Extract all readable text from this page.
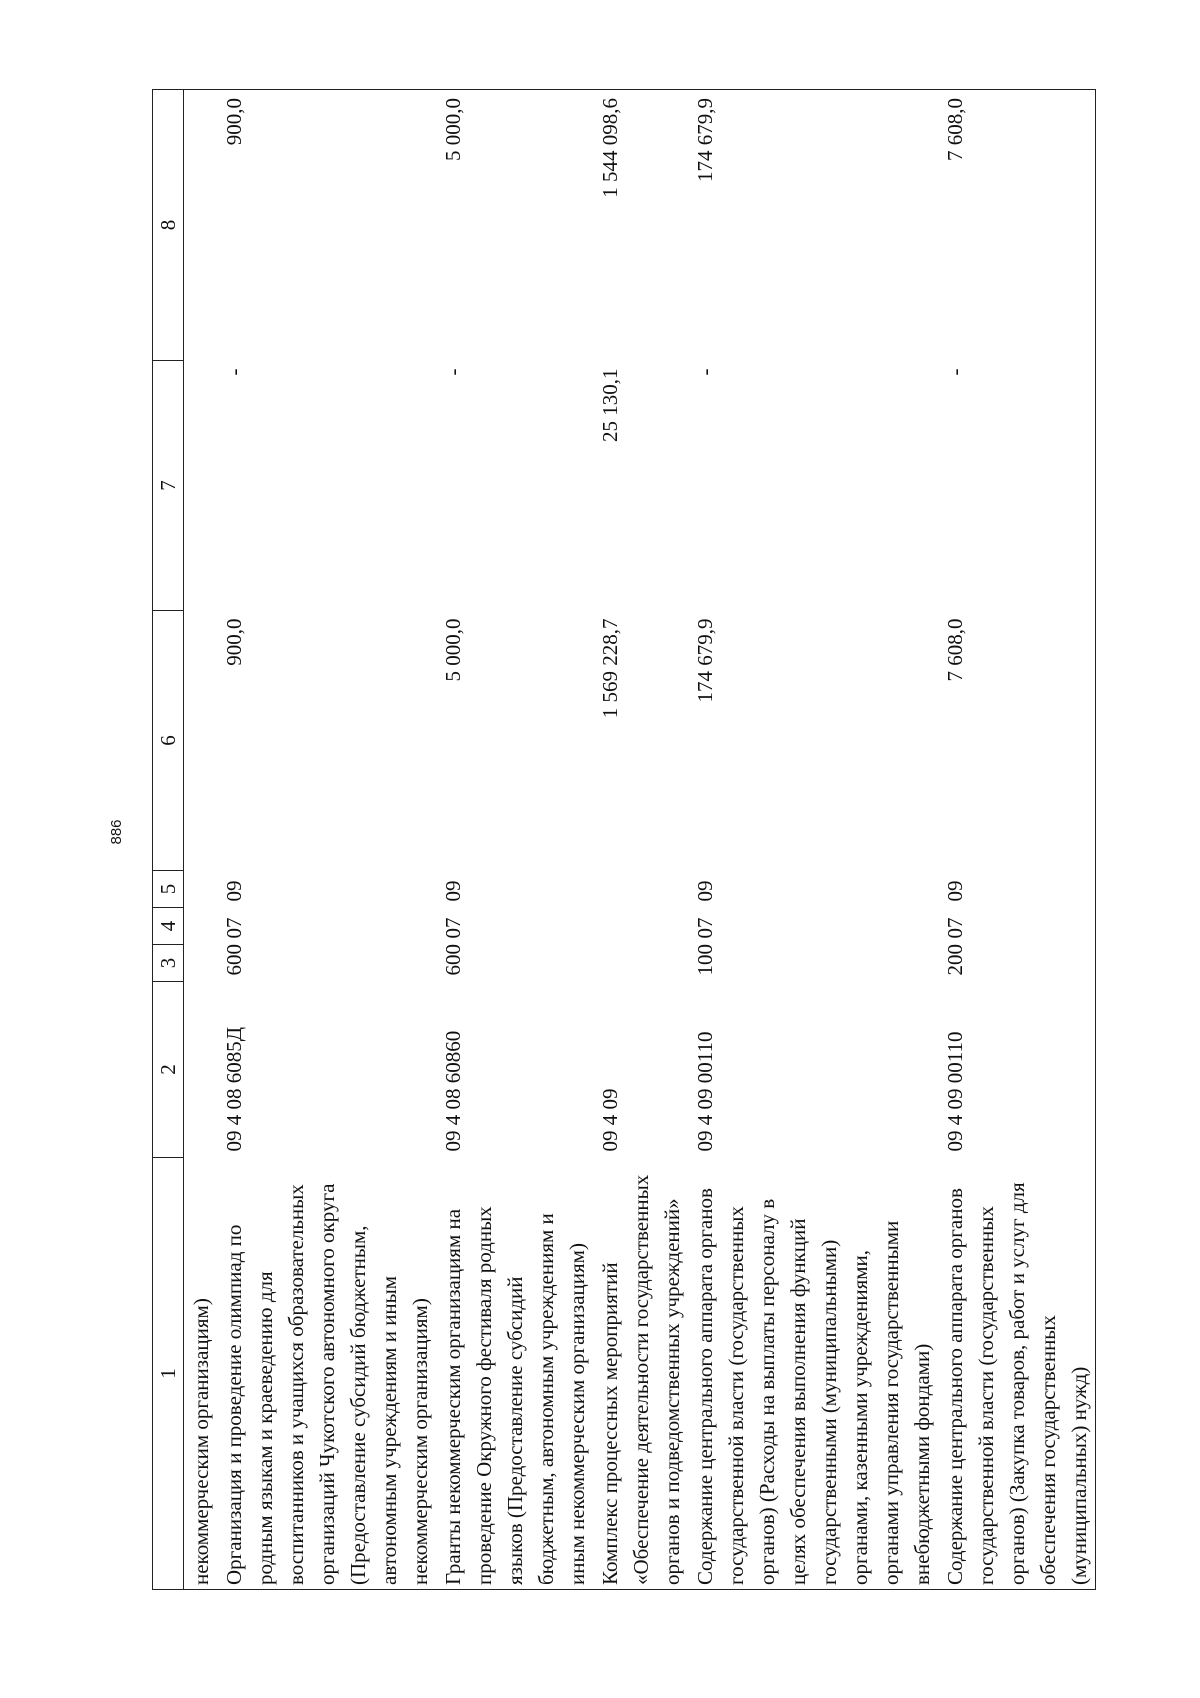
886
1	2	3	4	5	6	7	8
некоммерческим организациям)							
Организация и проведение олимпиад по родным языкам и краеведению для воспитанников и учащихся образовательных организаций Чукотского автономного округа (Предоставление субсидий бюджетным, автономным учреждениям и иным некоммерческим организациям)	09 4 08 6085Д	600	07	09	900,0	-	900,0
Гранты некоммерческим организациям на проведение Окружного фестиваля родных языков (Предоставление субсидий бюджетным, автономным учреждениям и иным некоммерческим организациям)	09 4 08 60860	600	07	09	5 000,0	-	5 000,0
Комплекс процессных мероприятий «Обеспечение деятельности государственных органов и подведомственных учреждений»	09 4 09				1 569 228,7	25 130,1	1 544 098,6
Содержание центрального аппарата органов государственной власти (государственных органов) (Расходы на выплаты персоналу в целях обеспечения выполнения функций государственными (муниципальными) органами, казенными учреждениями, органами управления государственными внебюджетными фондами)	09 4 09 00110	100	07	09	174 679,9	-	174 679,9
Содержание центрального аппарата органов государственной власти (государственных органов) (Закупка товаров, работ и услуг для обеспечения государственных (муниципальных) нужд)	09 4 09 00110	200	07	09	7 608,0	-	7 608,0
